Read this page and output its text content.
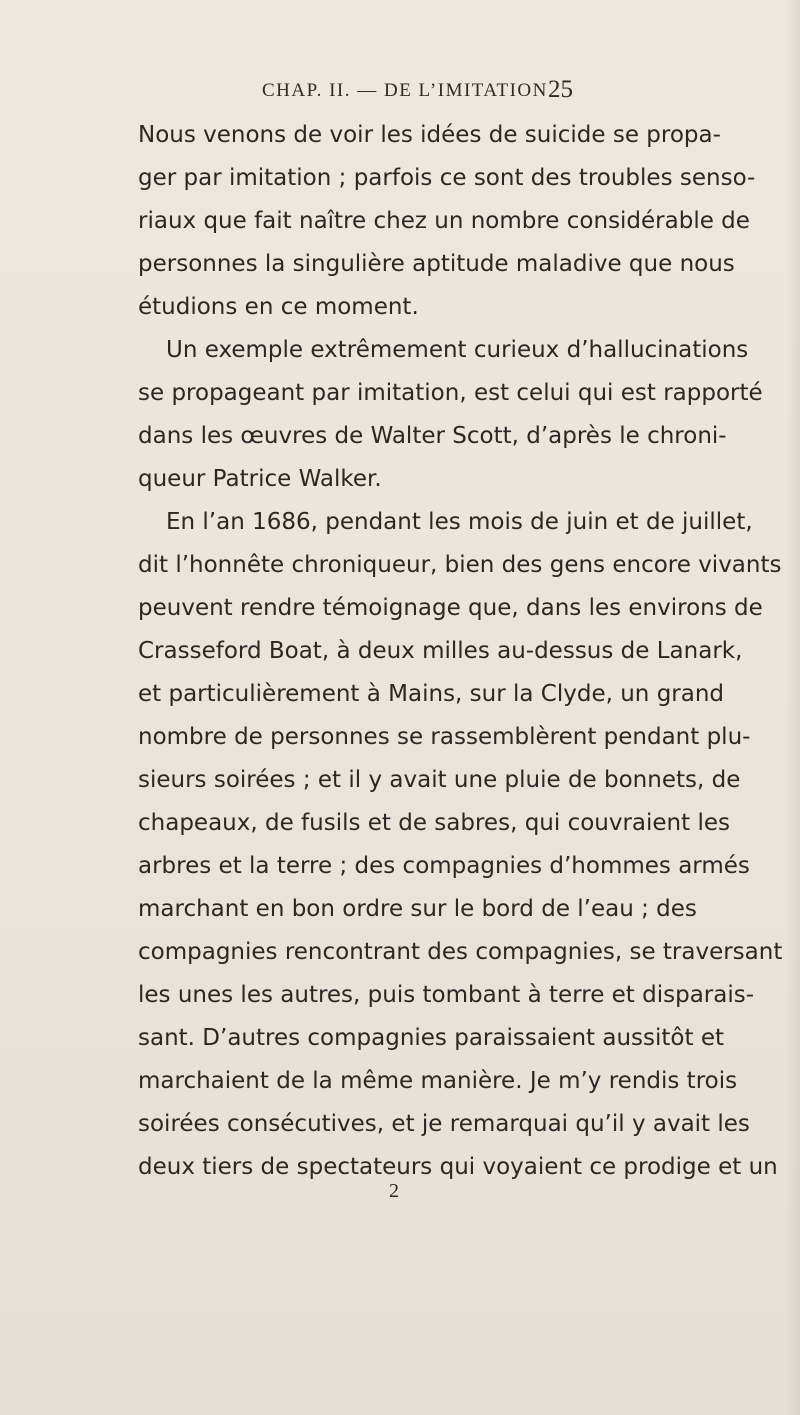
CHAP. II. — DE L’IMITATION 25
Nous venons de voir les idées de suicide se propa-
ger par imitation ; parfois ce sont des troubles senso-
riaux que fait naître chez un nombre considérable de
personnes la singulière aptitude maladive que nous
étudions en ce moment.
Un exemple extrêmement curieux d’hallucinations
se propageant par imitation, est celui qui est rapporté
dans les œuvres de Walter Scott, d’après le chroni-
queur Patrice Walker.
En l’an 1686, pendant les mois de juin et de juillet,
dit l’honnête chroniqueur, bien des gens encore vivants
peuvent rendre témoignage que, dans les environs de
Crasseford Boat, à deux milles au-dessus de Lanark,
et particulièrement à Mains, sur la Clyde, un grand
nombre de personnes se rassemblèrent pendant plu-
sieurs soirées ; et il y avait une pluie de bonnets, de
chapeaux, de fusils et de sabres, qui couvraient les
arbres et la terre ; des compagnies d’hommes armés
marchant en bon ordre sur le bord de l’eau ; des
compagnies rencontrant des compagnies, se traversant
les unes les autres, puis tombant à terre et disparais-
sant. D’autres compagnies paraissaient aussitôt et
marchaient de la même manière. Je m’y rendis trois
soirées consécutives, et je remarquai qu’il y avait les
deux tiers de spectateurs qui voyaient ce prodige et un
2
